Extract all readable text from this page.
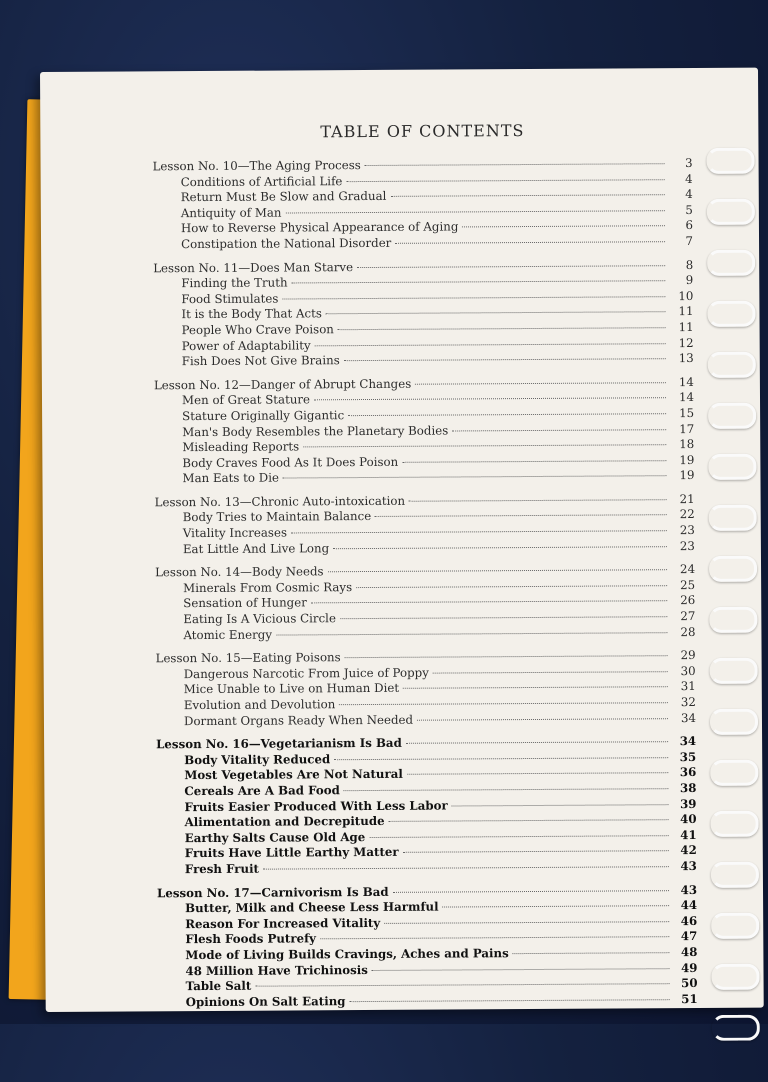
TABLE OF CONTENTS
Lesson No. 10—The Aging Process	3
Conditions of Artificial Life	4
Return Must Be Slow and Gradual	4
Antiquity of Man	5
How to Reverse Physical Appearance of Aging	6
Constipation the National Disorder	7
Lesson No. 11—Does Man Starve	8
Finding the Truth	9
Food Stimulates	10
It is the Body That Acts	11
People Who Crave Poison	11
Power of Adaptability	12
Fish Does Not Give Brains	13
Lesson No. 12—Danger of Abrupt Changes	14
Men of Great Stature	14
Stature Originally Gigantic	15
Man's Body Resembles the Planetary Bodies	17
Misleading Reports	18
Body Craves Food As It Does Poison	19
Man Eats to Die	19
Lesson No. 13—Chronic Auto-intoxication	21
Body Tries to Maintain Balance	22
Vitality Increases	23
Eat Little And Live Long	23
Lesson No. 14—Body Needs	24
Minerals From Cosmic Rays	25
Sensation of Hunger	26
Eating Is A Vicious Circle	27
Atomic Energy	28
Lesson No. 15—Eating Poisons	29
Dangerous Narcotic From Juice of Poppy	30
Mice Unable to Live on Human Diet	31
Evolution and Devolution	32
Dormant Organs Ready When Needed	34
Lesson No. 16—Vegetarianism Is Bad	34
Body Vitality Reduced	35
Most Vegetables Are Not Natural	36
Cereals Are A Bad Food	38
Fruits Easier Produced With Less Labor	39
Alimentation and Decrepitude	40
Earthy Salts Cause Old Age	41
Fruits Have Little Earthy Matter	42
Fresh Fruit	43
Lesson No. 17—Carnivorism Is Bad	43
Butter, Milk and Cheese Less Harmful	44
Reason For Increased Vitality	46
Flesh Foods Putrefy	47
Mode of Living Builds Cravings, Aches and Pains	48
48 Million Have Trichinosis	49
Table Salt	50
Opinions On Salt Eating	51
